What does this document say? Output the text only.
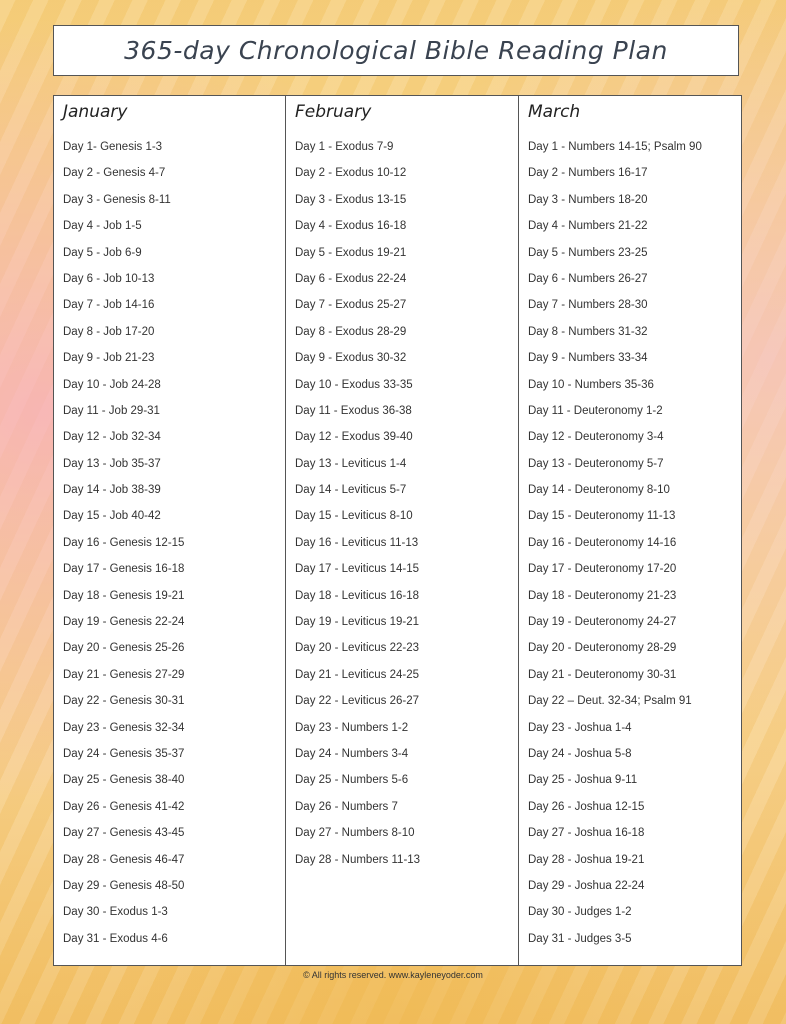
365-day Chronological Bible Reading Plan
January
Day 1- Genesis 1-3
Day 2 - Genesis 4-7
Day 3 - Genesis 8-11
Day 4 - Job 1-5
Day 5 - Job 6-9
Day 6 - Job 10-13
Day 7 - Job 14-16
Day 8 - Job 17-20
Day 9 - Job 21-23
Day 10 - Job 24-28
Day 11 - Job 29-31
Day 12 - Job 32-34
Day 13 - Job 35-37
Day 14 - Job 38-39
Day 15 - Job 40-42
Day 16 - Genesis 12-15
Day 17 - Genesis 16-18
Day 18 - Genesis 19-21
Day 19 - Genesis 22-24
Day 20 - Genesis 25-26
Day 21 - Genesis 27-29
Day 22 - Genesis 30-31
Day 23 - Genesis 32-34
Day 24 - Genesis 35-37
Day 25 - Genesis 38-40
Day 26 - Genesis 41-42
Day 27 - Genesis 43-45
Day 28 - Genesis 46-47
Day 29 - Genesis 48-50
Day 30 - Exodus 1-3
Day 31 - Exodus 4-6
February
Day 1 - Exodus 7-9
Day 2 - Exodus 10-12
Day 3 - Exodus 13-15
Day 4 - Exodus 16-18
Day 5 - Exodus 19-21
Day 6 - Exodus 22-24
Day 7 - Exodus 25-27
Day 8 - Exodus 28-29
Day 9 - Exodus 30-32
Day 10 - Exodus 33-35
Day 11 - Exodus 36-38
Day 12 - Exodus 39-40
Day 13 - Leviticus 1-4
Day 14 - Leviticus 5-7
Day 15 - Leviticus 8-10
Day 16 - Leviticus 11-13
Day 17 - Leviticus 14-15
Day 18 - Leviticus 16-18
Day 19 - Leviticus 19-21
Day 20 - Leviticus 22-23
Day 21 - Leviticus 24-25
Day 22 - Leviticus 26-27
Day 23 - Numbers 1-2
Day 24 - Numbers 3-4
Day 25 - Numbers 5-6
Day 26 - Numbers 7
Day 27 - Numbers 8-10
Day 28 - Numbers 11-13
March
Day 1 - Numbers 14-15; Psalm 90
Day 2 - Numbers 16-17
Day 3 - Numbers 18-20
Day 4 - Numbers 21-22
Day 5 - Numbers 23-25
Day 6 - Numbers 26-27
Day 7 - Numbers 28-30
Day 8 - Numbers 31-32
Day 9 - Numbers 33-34
Day 10 - Numbers 35-36
Day 11 - Deuteronomy 1-2
Day 12 - Deuteronomy 3-4
Day 13 - Deuteronomy 5-7
Day 14 - Deuteronomy 8-10
Day 15 - Deuteronomy 11-13
Day 16 - Deuteronomy 14-16
Day 17 - Deuteronomy 17-20
Day 18 - Deuteronomy 21-23
Day 19 - Deuteronomy 24-27
Day 20 - Deuteronomy 28-29
Day 21 - Deuteronomy 30-31
Day 22 – Deut. 32-34; Psalm 91
Day 23 - Joshua 1-4
Day 24 - Joshua 5-8
Day 25 - Joshua 9-11
Day 26 - Joshua 12-15
Day 27 - Joshua 16-18
Day 28 - Joshua 19-21
Day 29 - Joshua 22-24
Day 30 - Judges 1-2
Day 31 - Judges 3-5
© All rights reserved. www.kayleneyoder.com
